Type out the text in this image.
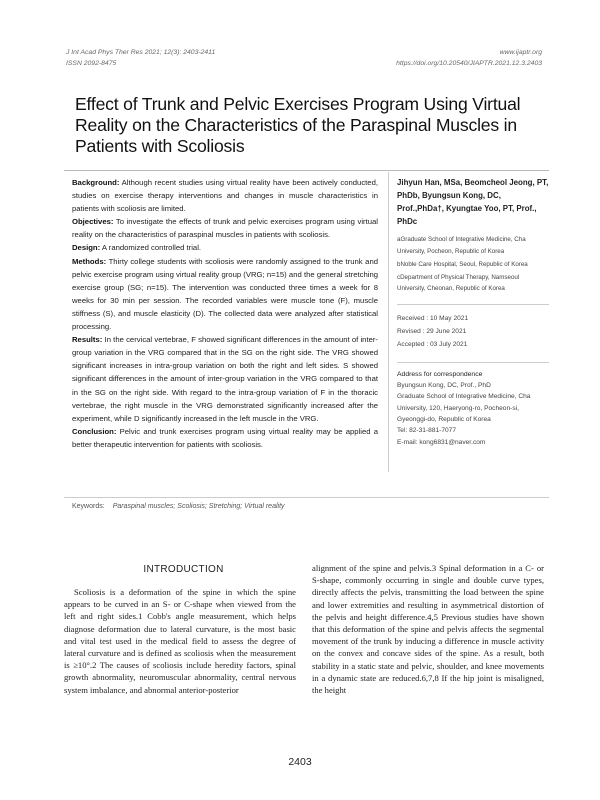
J Int Acad Phys Ther Res 2021; 12(3): 2403-2411
ISSN 2092-8475
www.ijaptr.org
https://doi.org/10.20540/JIAPTR.2021.12.3.2403
Effect of Trunk and Pelvic Exercises Program Using Virtual Reality on the Characteristics of the Paraspinal Muscles in Patients with Scoliosis

Background: Although recent studies using virtual reality have been actively conducted, studies on exercise therapy interventions and changes in muscle characteristics in patients with scoliosis are limited.

Objectives: To investigate the effects of trunk and pelvic exercises program using virtual reality on the characteristics of paraspinal muscles in patients with scoliosis.

Design: A randomized controlled trial.

Methods: Thirty college students with scoliosis were randomly assigned to the trunk and pelvic exercise program using virtual reality group (VRG; n=15) and the general stretching exercise group (SG; n=15). The intervention was conducted three times a week for 8 weeks for 30 min per session. The recorded variables were muscle tone (F), muscle stiffness (S), and muscle elasticity (D). The collected data were analyzed after statistical processing.

Results: In the cervical vertebrae, F showed significant differences in the amount of inter-group variation in the VRG compared that in the SG on the right side. The VRG showed significant increases in intra-group variation on both the right and left sides. S showed significant differences in the amount of inter-group variation in the VRG compared to that in the SG on the right side. With regard to the intra-group variation of F in the thoracic vertebrae, the right muscle in the VRG demonstrated significantly increased after the experiment, while D significantly increased in the left muscle in the VRG.

Conclusion: Pelvic and trunk exercises program using virtual reality may be applied a better therapeutic intervention for patients with scoliosis.

Jihyun Han, MSa, Beomcheol Jeong, PT, PhDb, Byungsun Kong, DC, Prof.,PhDa†, Kyungtae Yoo, PT, Prof., PhDc

aGraduate School of Integrative Medicine, Cha University, Pocheon, Republic of Korea

bNoble Care Hospital, Seoul, Republic of Korea

cDepartment of Physical Therapy, Namseoul University, Cheonan, Republic of Korea

Received : 10 May 2021

Revised : 29 June 2021

Accepted : 03 July 2021

Address for correspondence

Byungsun Kong, DC, Prof., PhD

Graduate School of Integrative Medicine, Cha University, 120, Haeryong-ro, Pocheon-si, Gyeonggi-do, Republic of Korea

Tel: 82-31-881-7077

E-mail: kong6831@naver.com

Keywords: Paraspinal muscles; Scoliosis; Stretching; Virtual reality
INTRODUCTION

Scoliosis is a deformation of the spine in which the spine appears to be curved in an S- or C-shape when viewed from the left and right sides.1 Cobb's angle measurement, which helps diagnose deformation due to lateral curvature, is the most basic and vital test used in the medical field to assess the degree of lateral curvature and is defined as scoliosis when the measurement is ≥10°.2 The causes of scoliosis include heredity factors, spinal growth abnormality, neuromuscular abnormality, central nervous system imbalance, and abnormal anterior-posterior

alignment of the spine and pelvis.3 Spinal deformation in a C- or S-shape, commonly occurring in single and double curve types, directly affects the pelvis, transmitting the load between the spine and lower extremities and resulting in asymmetrical distortion of the pelvis and height difference.4,5 Previous studies have shown that this deformation of the spine and pelvis affects the segmental movement of the trunk by inducing a difference in muscle activity on the convex and concave sides of the spine. As a result, both stability in a static state and pelvic, shoulder, and knee movements in a dynamic state are reduced.6,7,8 If the hip joint is misaligned, the height

2403
